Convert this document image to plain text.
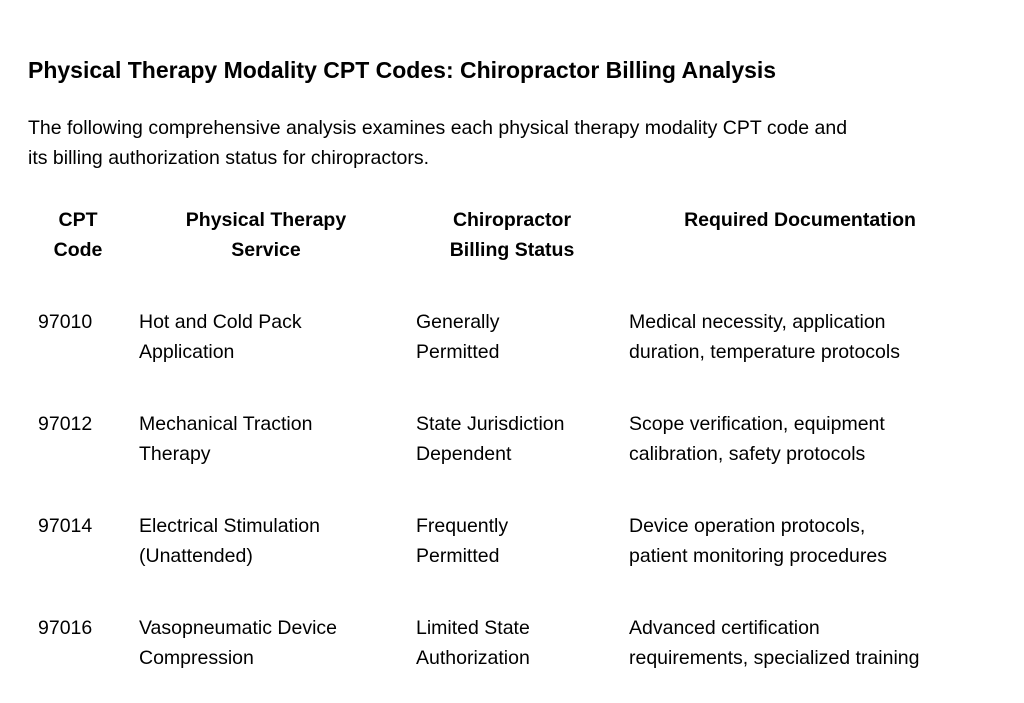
Physical Therapy Modality CPT Codes: Chiropractor Billing Analysis

The following comprehensive analysis examines each physical therapy modality CPT code and
its billing authorization status for chiropractors.

CPT
Code
Physical Therapy
Service
Chiropractor
Billing Status
Required Documentation
97010 Hot and Cold Pack
Application
Generally
Permitted
Medical necessity, application
duration, temperature protocols
97012 Mechanical Traction
Therapy
State Jurisdiction
Dependent
Scope verification, equipment
calibration, safety protocols
97014 Electrical Stimulation
(Unattended)
Frequently
Permitted
Device operation protocols,
patient monitoring procedures
97016 Vasopneumatic Device
Compression
Limited State
Authorization
Advanced certification
requirements, specialized training
